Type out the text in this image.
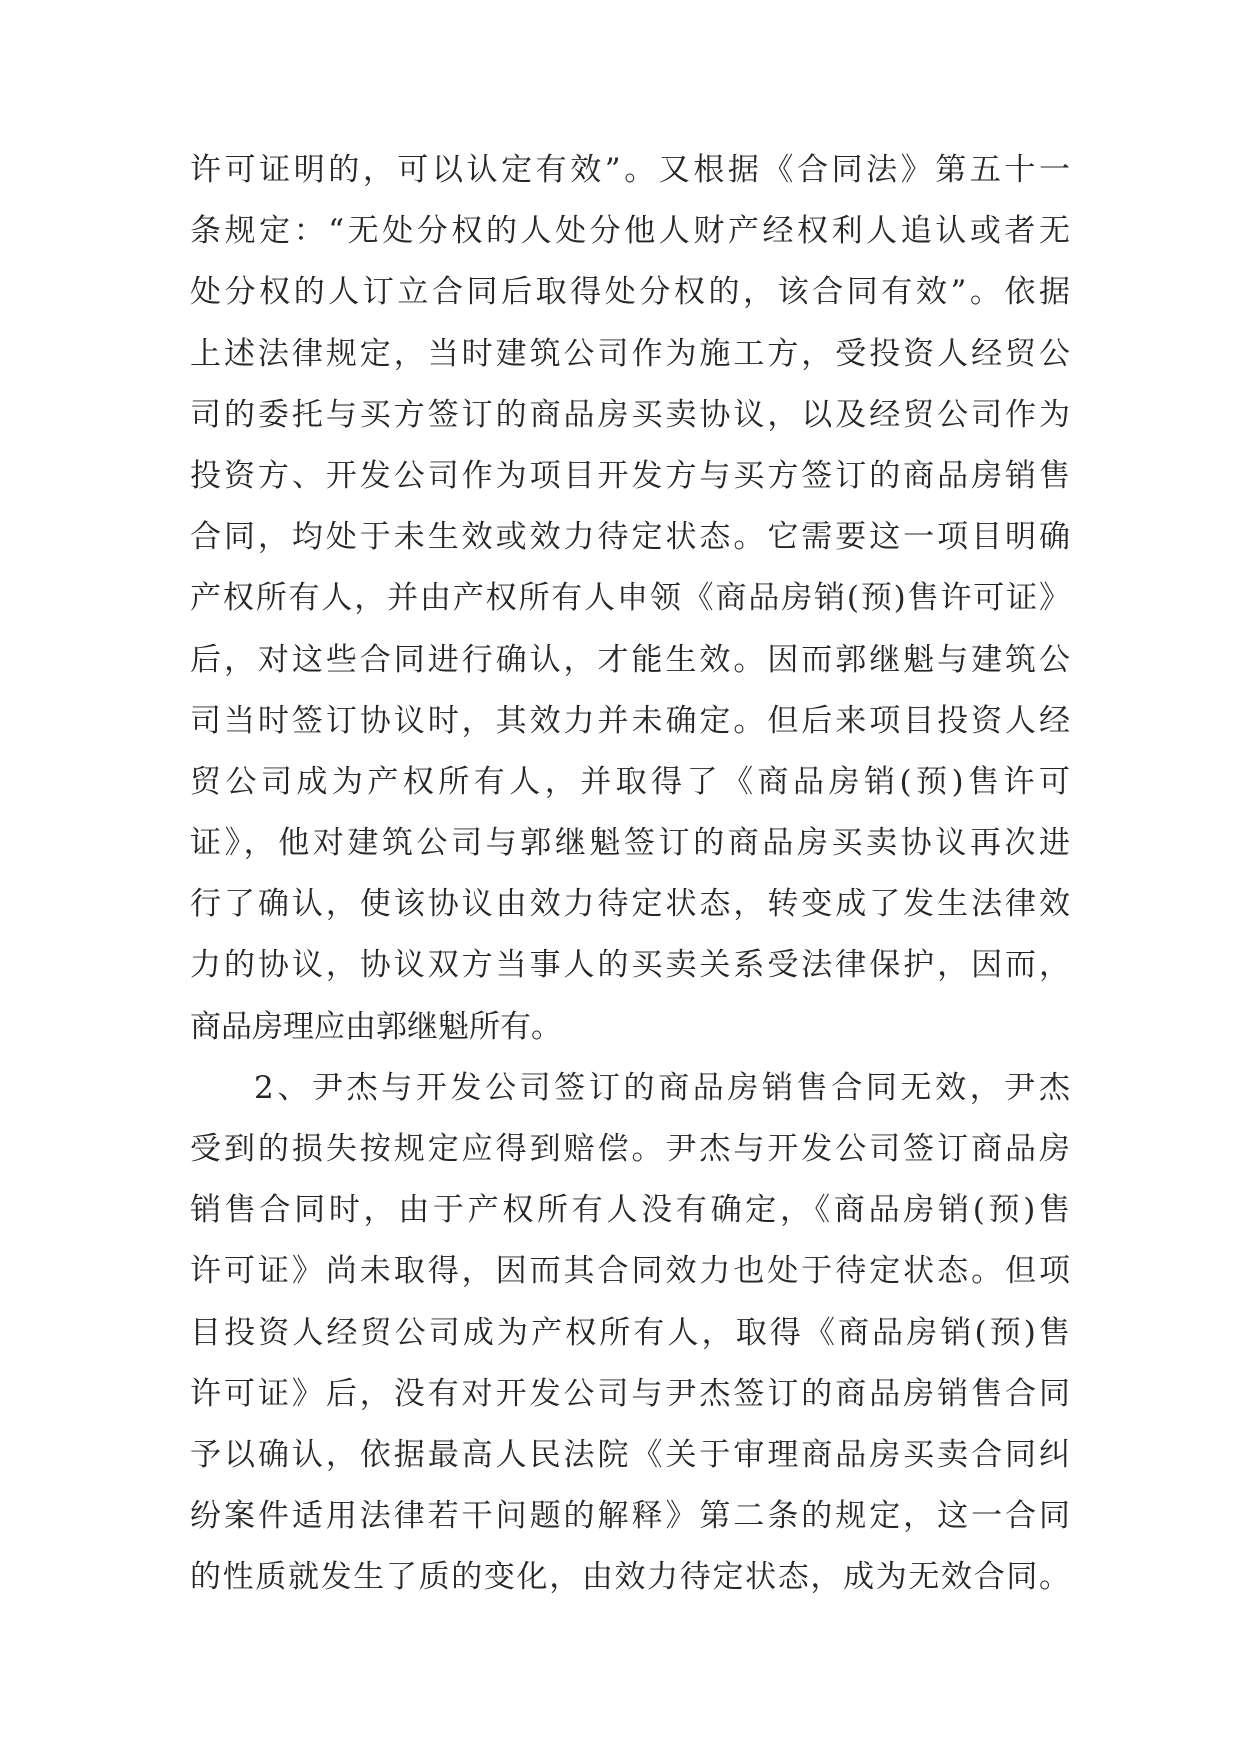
许可证明的，可以认定有效”。又根据《合同法》第五十一
条规定：“无处分权的人处分他人财产经权利人追认或者无
处分权的人订立合同后取得处分权的，该合同有效”。依据
上述法律规定，当时建筑公司作为施工方，受投资人经贸公
司的委托与买方签订的商品房买卖协议，以及经贸公司作为
投资方、开发公司作为项目开发方与买方签订的商品房销售
合同，均处于未生效或效力待定状态。它需要这一项目明确
产权所有人，并由产权所有人申领《商品房销(预)售许可证》
后，对这些合同进行确认，才能生效。因而郭继魁与建筑公
司当时签订协议时，其效力并未确定。但后来项目投资人经
贸公司成为产权所有人，并取得了《商品房销(预)售许可
证》，他对建筑公司与郭继魁签订的商品房买卖协议再次进
行了确认，使该协议由效力待定状态，转变成了发生法律效
力的协议，协议双方当事人的买卖关系受法律保护，因而，
商品房理应由郭继魁所有。
2、尹杰与开发公司签订的商品房销售合同无效，尹杰
受到的损失按规定应得到赔偿。尹杰与开发公司签订商品房
销售合同时，由于产权所有人没有确定，《商品房销(预)售
许可证》尚未取得，因而其合同效力也处于待定状态。但项
目投资人经贸公司成为产权所有人，取得《商品房销(预)售
许可证》后，没有对开发公司与尹杰签订的商品房销售合同
予以确认，依据最高人民法院《关于审理商品房买卖合同纠
纷案件适用法律若干问题的解释》第二条的规定，这一合同
的性质就发生了质的变化，由效力待定状态，成为无效合同。
